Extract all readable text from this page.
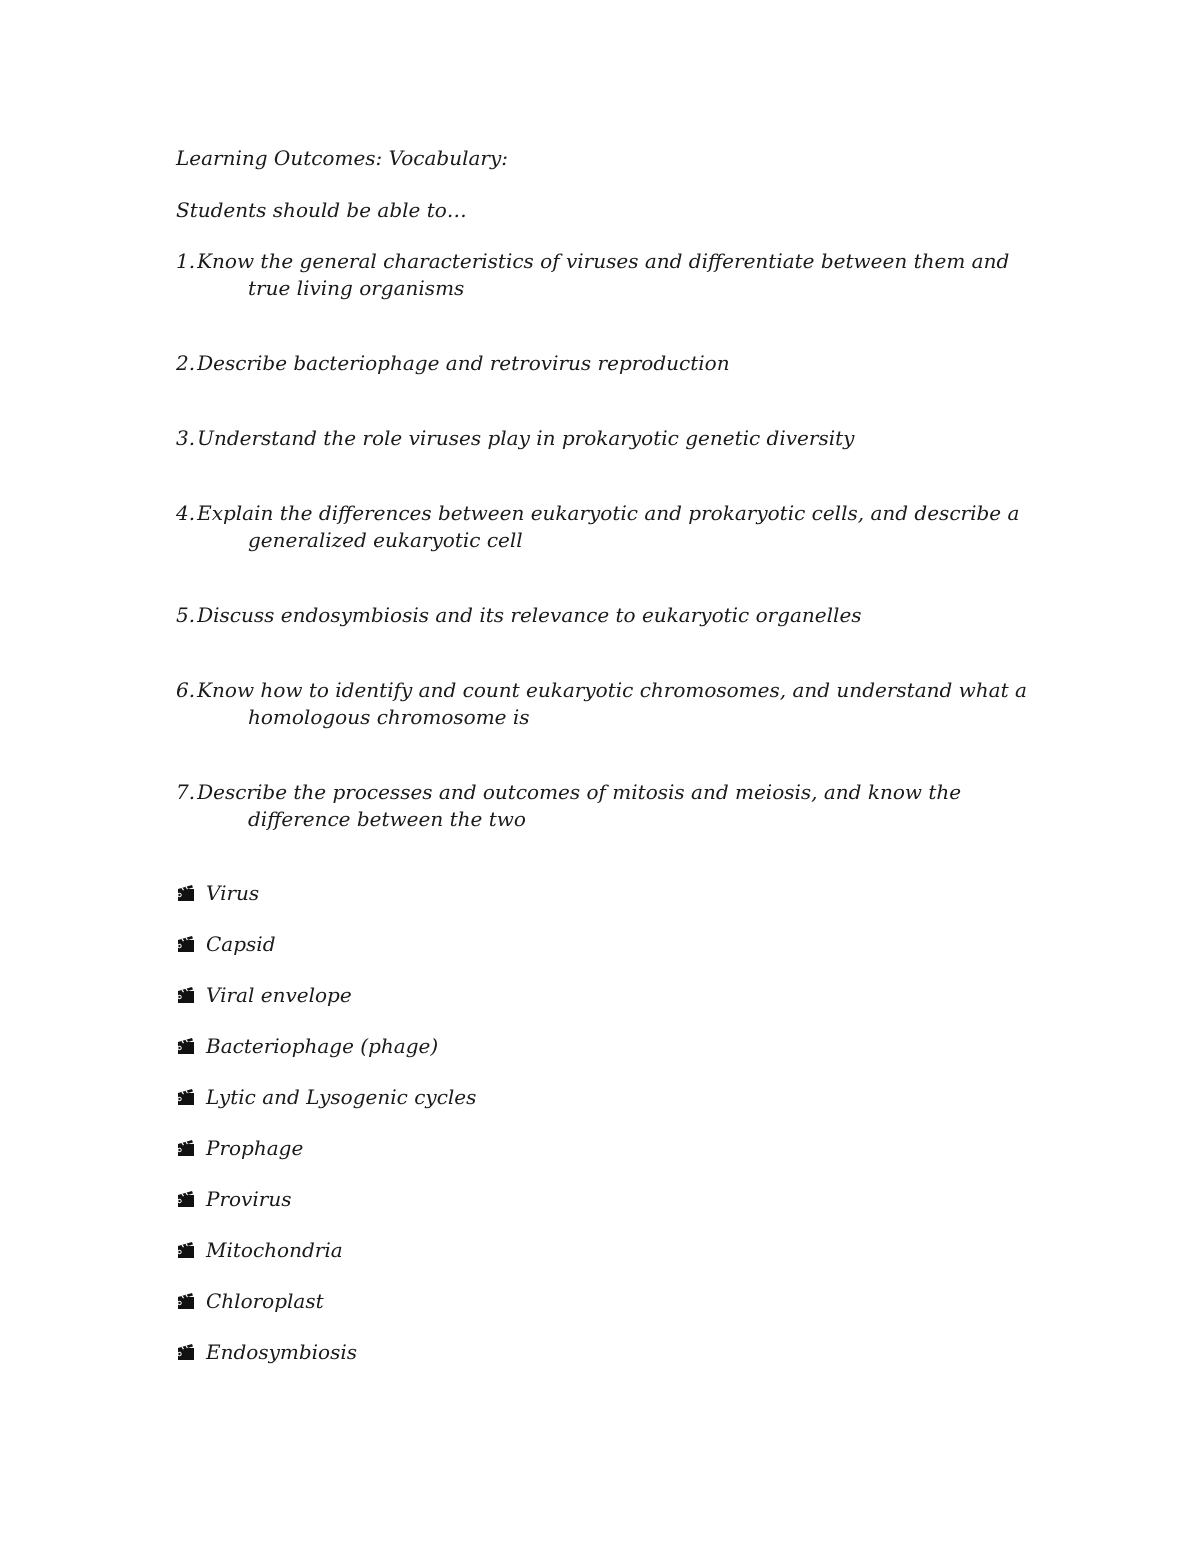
Learning Outcomes: Vocabulary:

Students should be able to…

1. Know the general characteristics of viruses and differentiate between them and true living organisms
2. Describe bacteriophage and retrovirus reproduction
3. Understand the role viruses play in prokaryotic genetic diversity
4. Explain the differences between eukaryotic and prokaryotic cells, and describe a generalized eukaryotic cell
5. Discuss endosymbiosis and its relevance to eukaryotic organelles
6. Know how to identify and count eukaryotic chromosomes, and understand what a homologous chromosome is
7. Describe the processes and outcomes of mitosis and meiosis, and know the difference between the two
Virus
Capsid
Viral envelope
Bacteriophage (phage)
Lytic and Lysogenic cycles
Prophage
Provirus
Mitochondria
Chloroplast
Endosymbiosis
